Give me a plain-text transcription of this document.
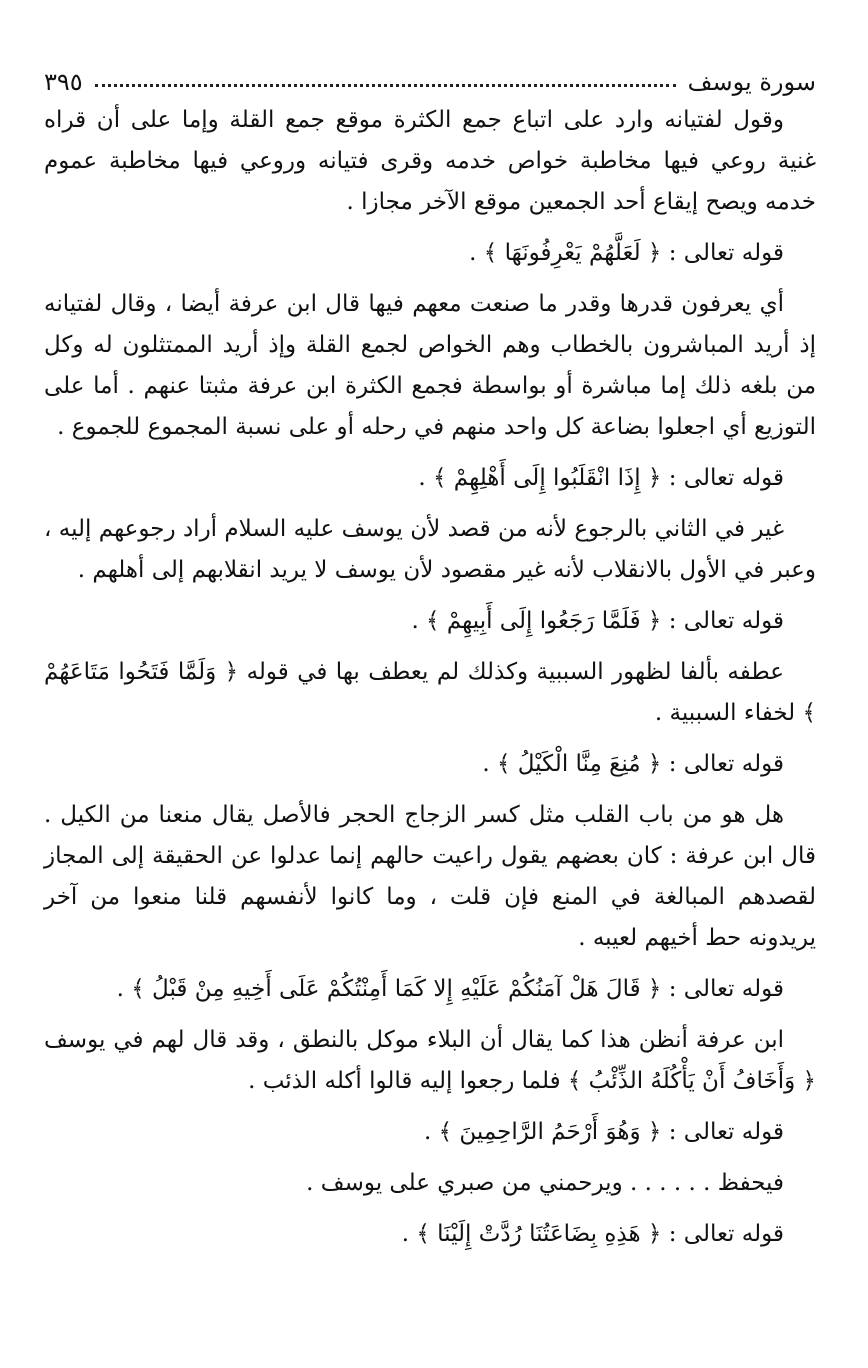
سورة يوسف
٣٩٥
وقول لفتيانه وارد على اتباع جمع الكثرة موقع جمع القلة وإما على أن قراه غنية روعي فيها مخاطبة خواص خدمه وقرى فتيانه وروعي فيها مخاطبة عموم خدمه ويصح إيقاع أحد الجمعين موقع الآخر مجازا .
قوله تعالى : ﴿ لَعَلَّهُمْ يَعْرِفُونَهَا ﴾ .
أي يعرفون قدرها وقدر ما صنعت معهم فيها قال ابن عرفة أيضا ، وقال لفتيانه إذ أريد المباشرون بالخطاب وهم الخواص لجمع القلة وإذ أريد الممتثلون له وكل من بلغه ذلك إما مباشرة أو بواسطة فجمع الكثرة ابن عرفة مثبتا عنهم . أما على التوزيع أي اجعلوا بضاعة كل واحد منهم في رحله أو على نسبة المجموع للجموع .
قوله تعالى : ﴿ إِذَا انْقَلَبُوا إِلَى أَهْلِهِمْ ﴾ .
غير في الثاني بالرجوع لأنه من قصد لأن يوسف عليه السلام أراد رجوعهم إليه ، وعبر في الأول بالانقلاب لأنه غير مقصود لأن يوسف لا يريد انقلابهم إلى أهلهم .
قوله تعالى : ﴿ فَلَمَّا رَجَعُوا إِلَى أَبِيهِمْ ﴾ .
عطفه بألفا لظهور السببية وكذلك لم يعطف بها في قوله ﴿ وَلَمَّا فَتَحُوا مَتَاعَهُمْ ﴾ لخفاء السببية .
قوله تعالى : ﴿ مُنِعَ مِنَّا الْكَيْلُ ﴾ .
هل هو من باب القلب مثل كسر الزجاج الحجر فالأصل يقال منعنا من الكيل . قال ابن عرفة : كان بعضهم يقول راعيت حالهم إنما عدلوا عن الحقيقة إلى المجاز لقصدهم المبالغة في المنع فإن قلت ، وما كانوا لأنفسهم قلنا منعوا من آخر يريدونه حط أخيهم لعيبه .
قوله تعالى : ﴿ قَالَ هَلْ آمَنُكُمْ عَلَيْهِ إِلا كَمَا أَمِنْتُكُمْ عَلَى أَخِيهِ مِنْ قَبْلُ ﴾ .
ابن عرفة أنظن هذا كما يقال أن البلاء موكل بالنطق ، وقد قال لهم في يوسف ﴿ وَأَخَافُ أَنْ يَأْكُلَهُ الذِّئْبُ ﴾ فلما رجعوا إليه قالوا أكله الذئب .
قوله تعالى : ﴿ وَهُوَ أَرْحَمُ الرَّاحِمِينَ ﴾ .
فيحفظ . . . . . . ويرحمني من صبري على يوسف .
قوله تعالى : ﴿ هَذِهِ بِضَاعَتُنَا رُدَّتْ إِلَيْنَا ﴾ .
